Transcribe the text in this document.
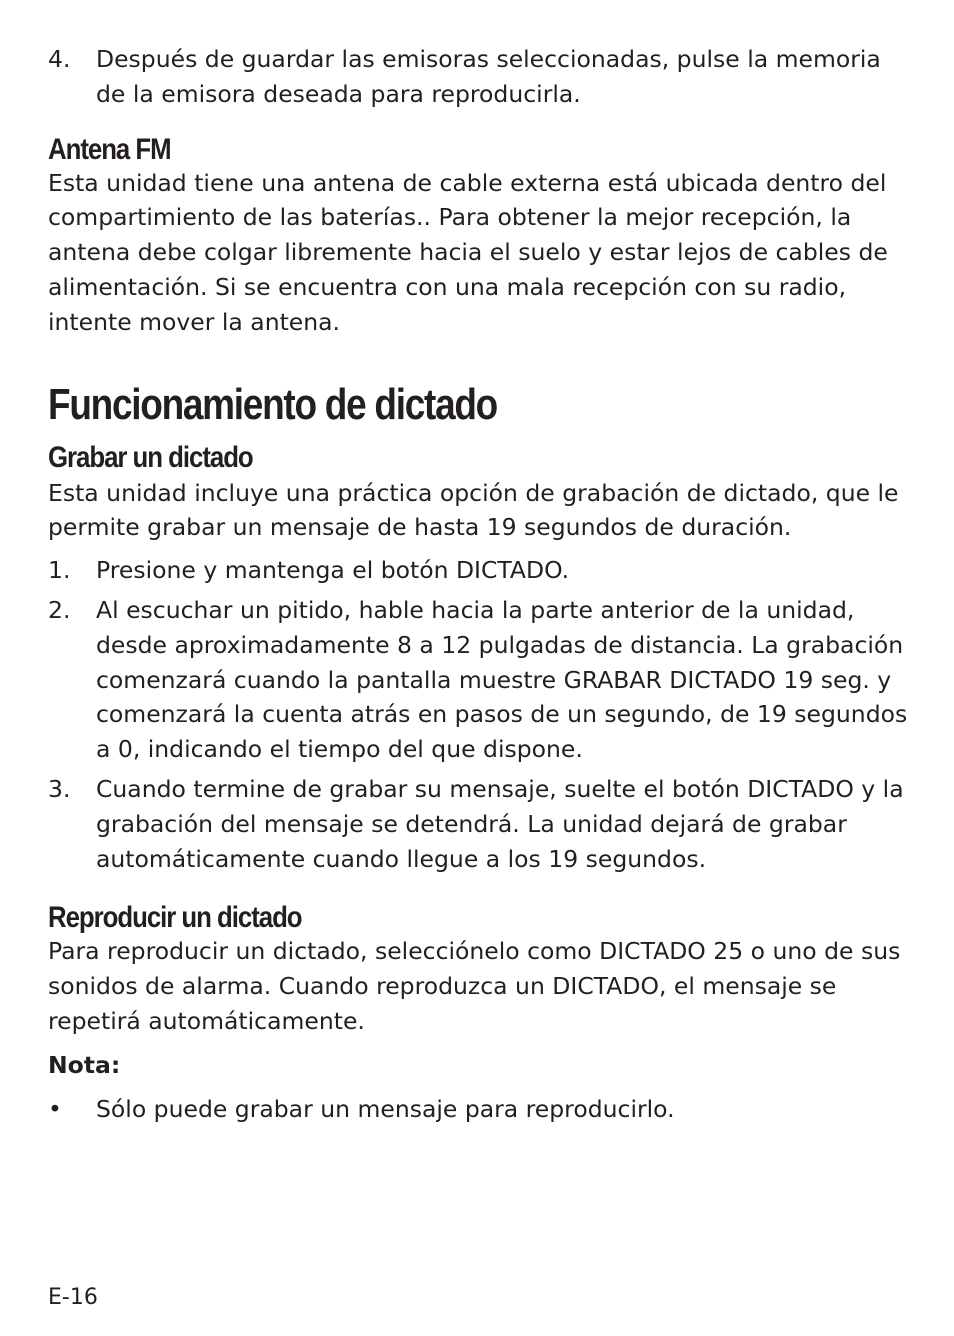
4. Después de guardar las emisoras seleccionadas, pulse la memoria de la emisora deseada para reproducirla.
Antena FM

Esta unidad tiene una antena de cable externa está ubicada dentro del compartimiento de las baterías.. Para obtener la mejor recepción, la antena debe colgar libremente hacia el suelo y estar lejos de cables de alimentación. Si se encuentra con una mala recepción con su radio, intente mover la antena.

Funcionamiento de dictado
Grabar un dictado

Esta unidad incluye una práctica opción de grabación de dictado, que le permite grabar un mensaje de hasta 19 segundos de duración.

1. Presione y mantenga el botón DICTADO.
2. Al escuchar un pitido, hable hacia la parte anterior de la unidad, desde aproximadamente 8 a 12 pulgadas de distancia. La grabación comenzará cuando la pantalla muestre GRABAR DICTADO 19 seg. y comenzará la cuenta atrás en pasos de un segundo, de 19 segundos a 0, indicando el tiempo del que dispone.
3. Cuando termine de grabar su mensaje, suelte el botón DICTADO y la grabación del mensaje se detendrá. La unidad dejará de grabar automáticamente cuando llegue a los 19 segundos.
Reproducir un dictado

Para reproducir un dictado, selecciónelo como DICTADO 25 o uno de sus sonidos de alarma. Cuando reproduzca un DICTADO, el mensaje se repetirá automáticamente.

Nota:

• Sólo puede grabar un mensaje para reproducirlo.
E-16
